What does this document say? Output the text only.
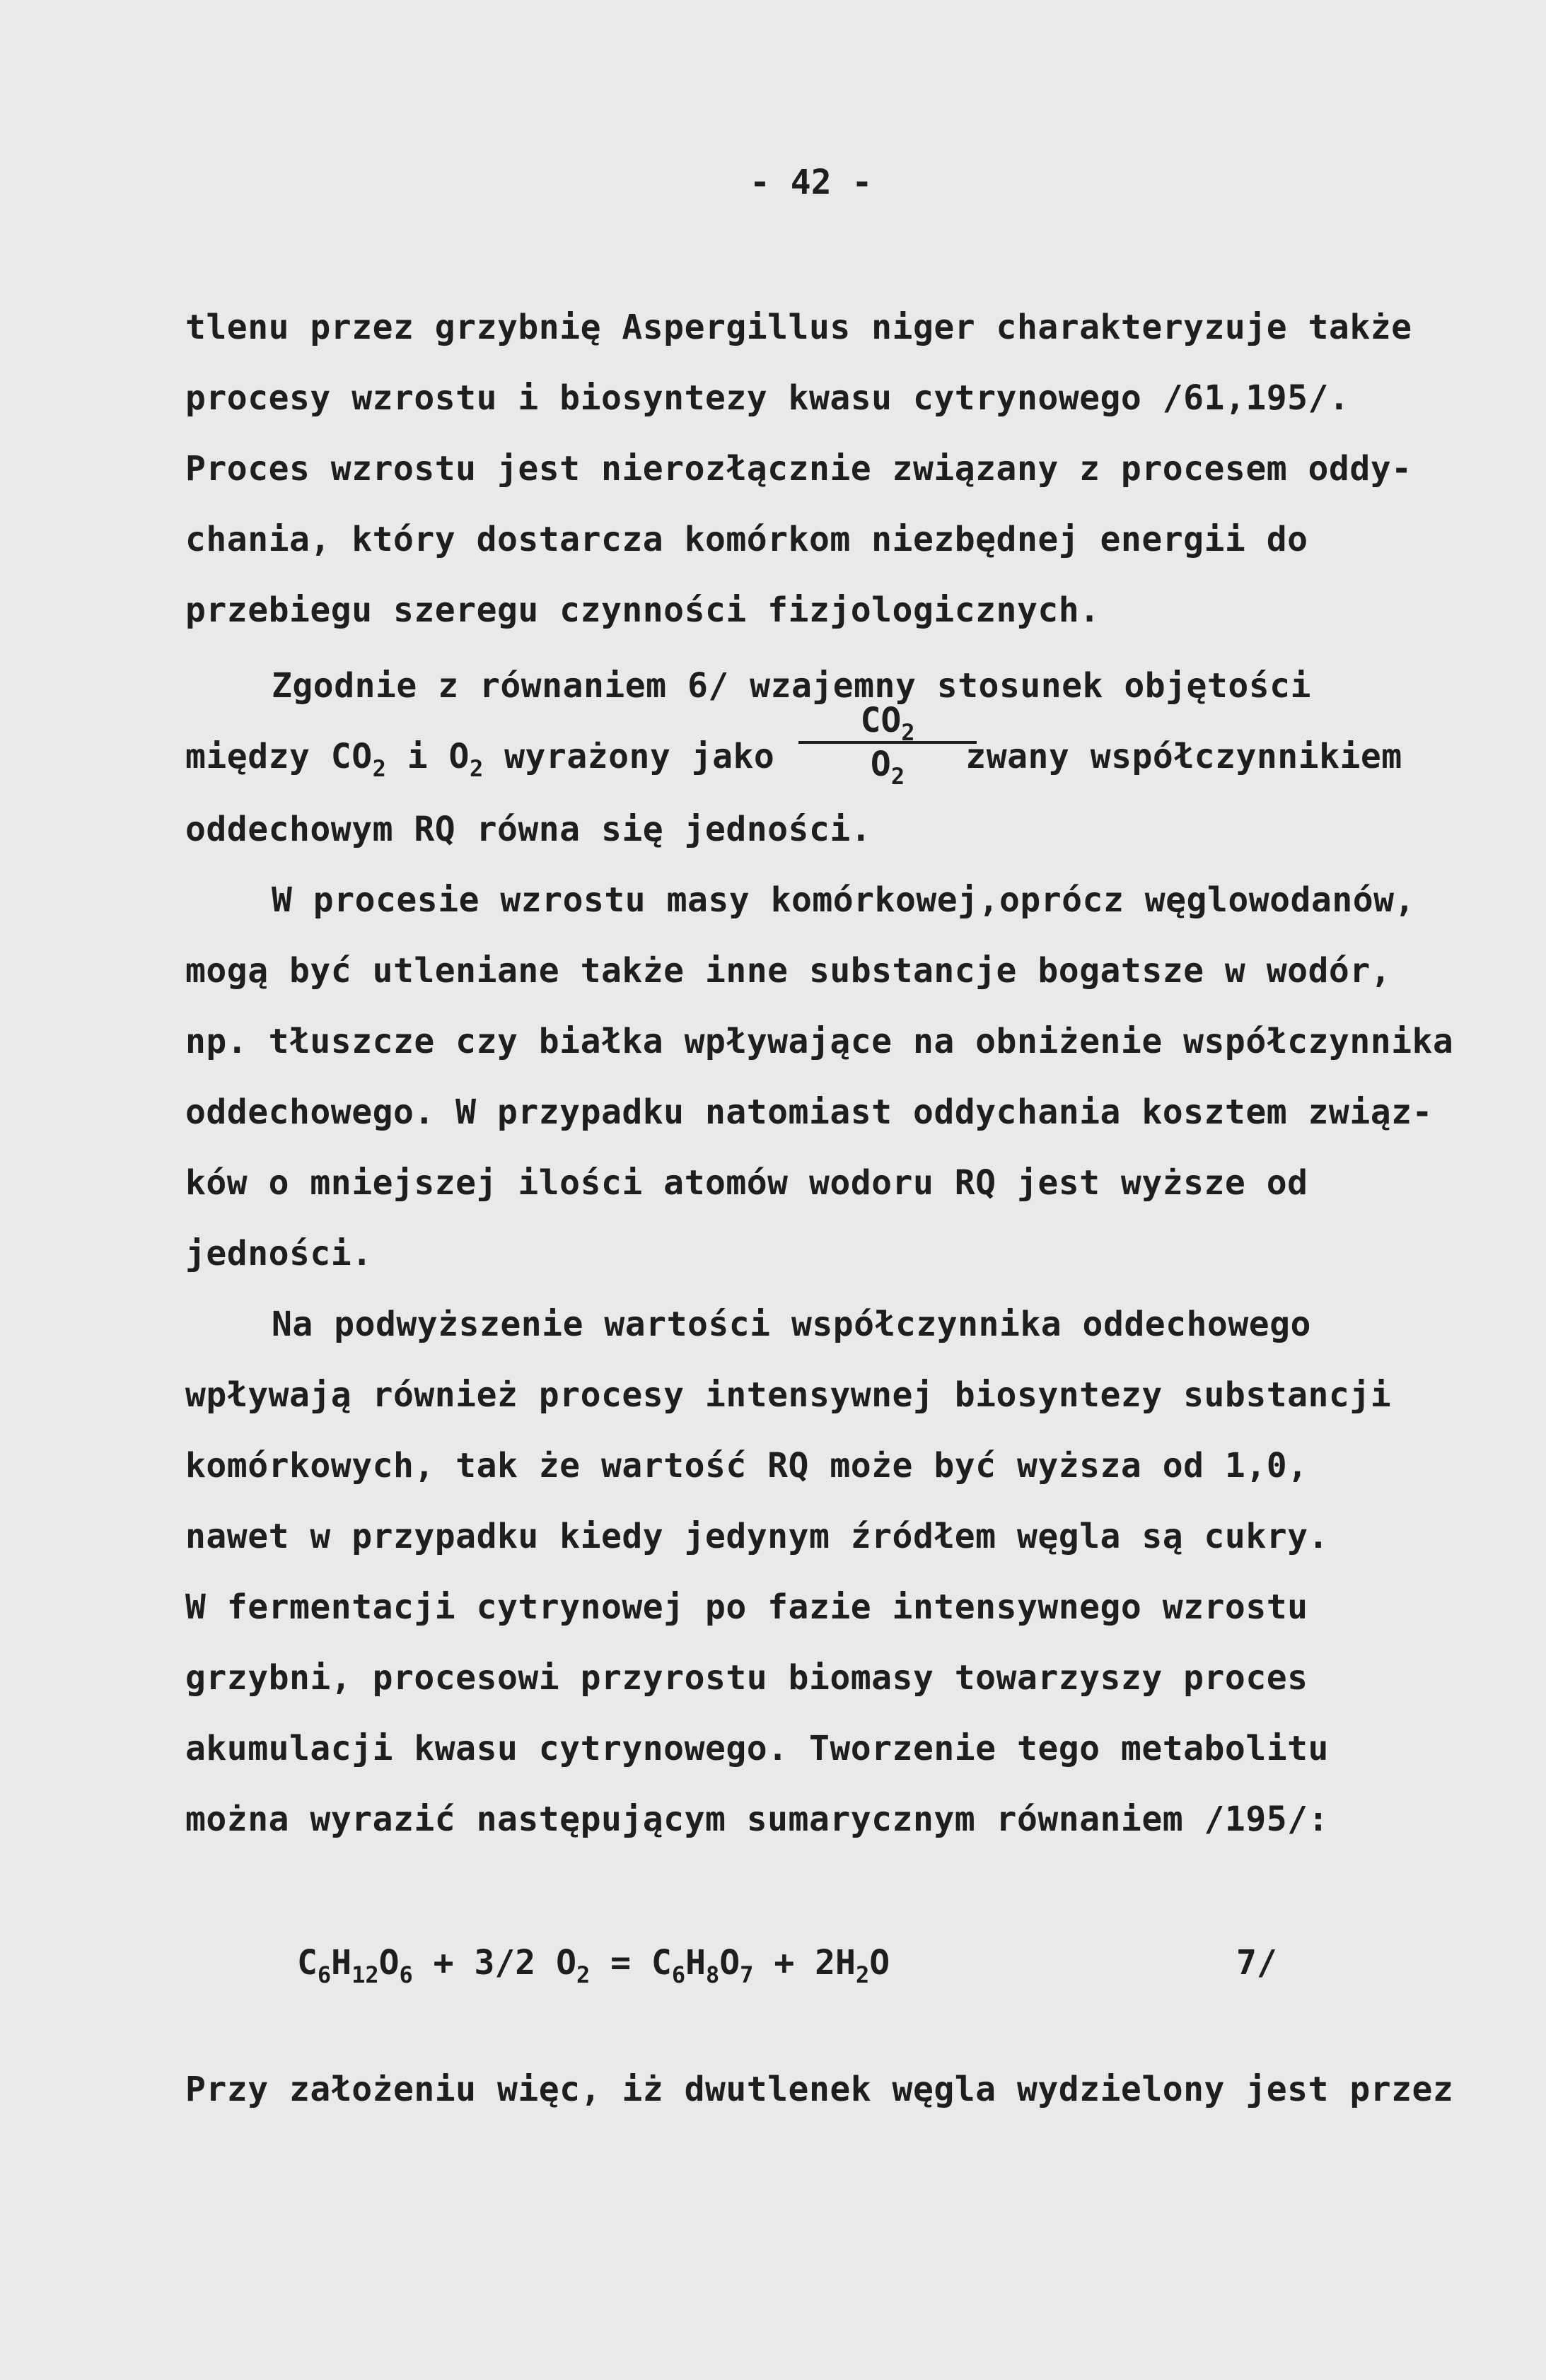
- 42 -

tlenu przez grzybnię Aspergillus niger charakteryzuje także

procesy wzrostu i biosyntezy kwasu cytrynowego /61,195/.

Proces wzrostu jest nierozłącznie związany z procesem oddy-

chania, który dostarcza komórkom niezbędnej energii do

przebiegu szeregu czynności fizjologicznych.

Zgodnie z równaniem 6/ wzajemny stosunek objętości

między $CO_2$ i $O_2$ wyrażony jako	zwany współczynnikiem

$CO_2$
$O_2$

oddechowym RQ równa się jedności.

W procesie wzrostu masy komórkowej,oprócz węglowodanów,

mogą być utleniane także inne substancje bogatsze w wodór,

np. tłuszcze czy białka wpływające na obniżenie współczynnika

oddechowego. W przypadku natomiast oddychania kosztem związ-

ków o mniejszej ilości atomów wodoru RQ jest wyższe od

jedności.

Na podwyższenie wartości współczynnika oddechowego

wpływają również procesy intensywnej biosyntezy substancji

komórkowych, tak że wartość RQ może być wyższa od 1,0,

nawet w przypadku kiedy jedynym źródłem węgla są cukry.

W fermentacji cytrynowej po fazie intensywnego wzrostu

grzybni, procesowi przyrostu biomasy towarzyszy proces

akumulacji kwasu cytrynowego. Tworzenie tego metabolitu

można wyrazić następującym sumarycznym równaniem /195/:

$C_6H_{12}O_6 + 3/2$ $O_2 = C_6H_8O_7 + 2H_2O$	7/

Przy założeniu więc, iż dwutlenek węgla wydzielony jest przez
